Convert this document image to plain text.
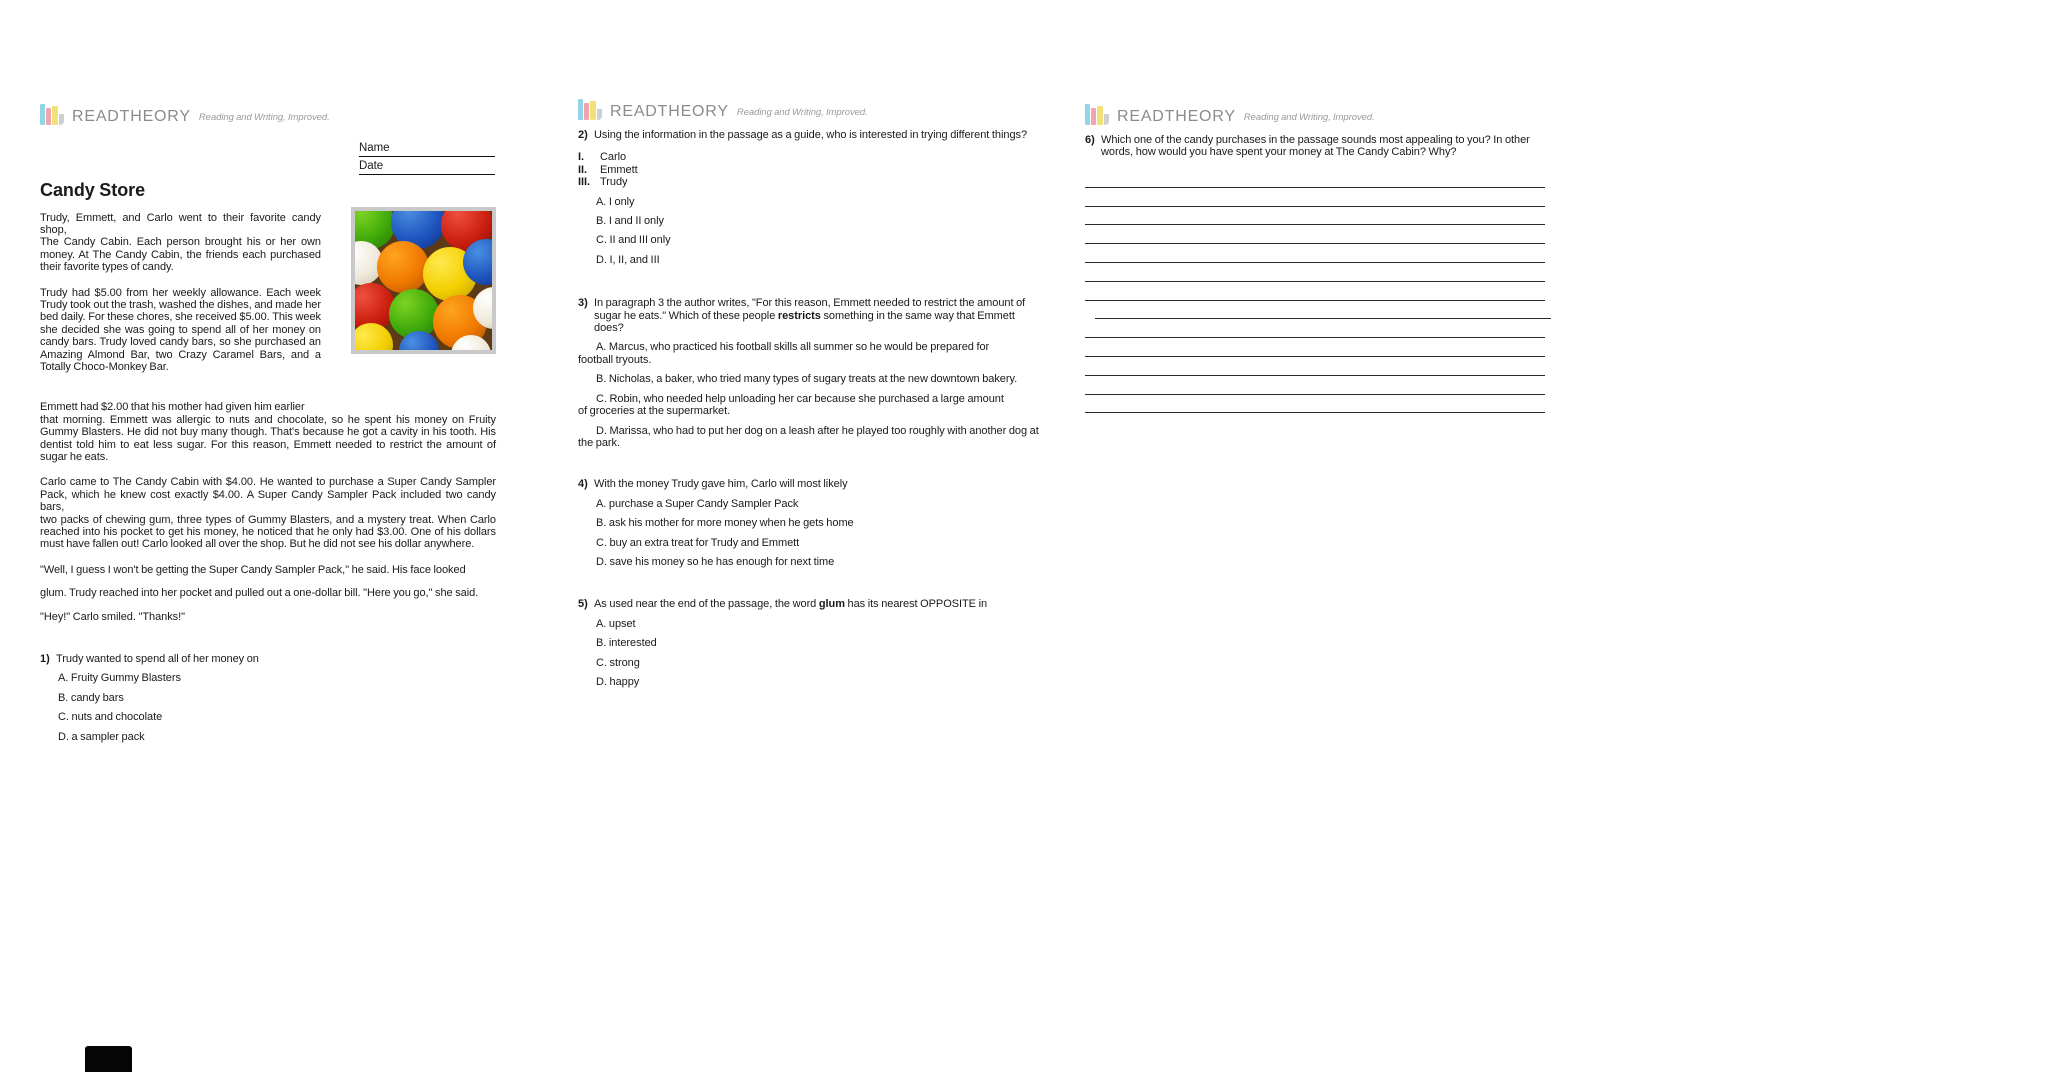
READTHEORY Reading and Writing, Improved.
Name
Date
Candy Store
Trudy, Emmett, and Carlo went to their favorite candy shop,
The Candy Cabin. Each person brought his or her own
money. At The Candy Cabin, the friends each purchased
their favorite types of candy.
Trudy had $5.00 from her weekly allowance. Each week
Trudy took out the trash, washed the dishes, and made her
bed daily. For these chores, she received $5.00. This week
she decided she was going to spend all of her money on
candy bars. Trudy loved candy bars, so she purchased an
Amazing Almond Bar, two Crazy Caramel Bars, and a
Totally Choco-Monkey Bar.
Emmett had $2.00 that his mother had given him earlier
that morning. Emmett was allergic to nuts and chocolate, so he spent his money on Fruity
Gummy Blasters. He did not buy many though. That's because he got a cavity in his tooth. His
dentist told him to eat less sugar. For this reason, Emmett needed to restrict the amount of
sugar he eats.
Carlo came to The Candy Cabin with $4.00. He wanted to purchase a Super Candy Sampler
Pack, which he knew cost exactly $4.00. A Super Candy Sampler Pack included two candy bars,
two packs of chewing gum, three types of Gummy Blasters, and a mystery treat. When Carlo
reached into his pocket to get his money, he noticed that he only had $3.00. One of his dollars
must have fallen out! Carlo looked all over the shop. But he did not see his dollar anywhere.

"Well, I guess I won't be getting the Super Candy Sampler Pack," he said. His face looked

glum. Trudy reached into her pocket and pulled out a one-dollar bill. "Here you go," she said.

"Hey!" Carlo smiled. "Thanks!"

1) Trudy wanted to spend all of her money on
A. Fruity Gummy Blasters
B. candy bars
C. nuts and chocolate
D. a sampler pack
READTHEORY Reading and Writing, Improved.
2) Using the information in the passage as a guide, who is interested in trying different things?
I. Carlo
II. Emmett
III. Trudy
A. I only
B. I and II only
C. II and III only
D. I, II, and III
3) In paragraph 3 the author writes, "For this reason, Emmett needed to restrict the amount of
sugar he eats." Which of these people restricts something in the same way that Emmett
does?
A. Marcus, who practiced his football skills all summer so he would be prepared for
football tryouts.
B. Nicholas, a baker, who tried many types of sugary treats at the new downtown bakery.
C. Robin, who needed help unloading her car because she purchased a large amount
of groceries at the supermarket.
D. Marissa, who had to put her dog on a leash after he played too roughly with another dog at
the park.
4) With the money Trudy gave him, Carlo will most likely
A. purchase a Super Candy Sampler Pack
B. ask his mother for more money when he gets home
C. buy an extra treat for Trudy and Emmett
D. save his money so he has enough for next time
5) As used near the end of the passage, the word glum has its nearest OPPOSITE in
A. upset
B. interested
C. strong
D. happy
READTHEORY Reading and Writing, Improved.
6) Which one of the candy purchases in the passage sounds most appealing to you? In other
words, how would you have spent your money at The Candy Cabin? Why?
